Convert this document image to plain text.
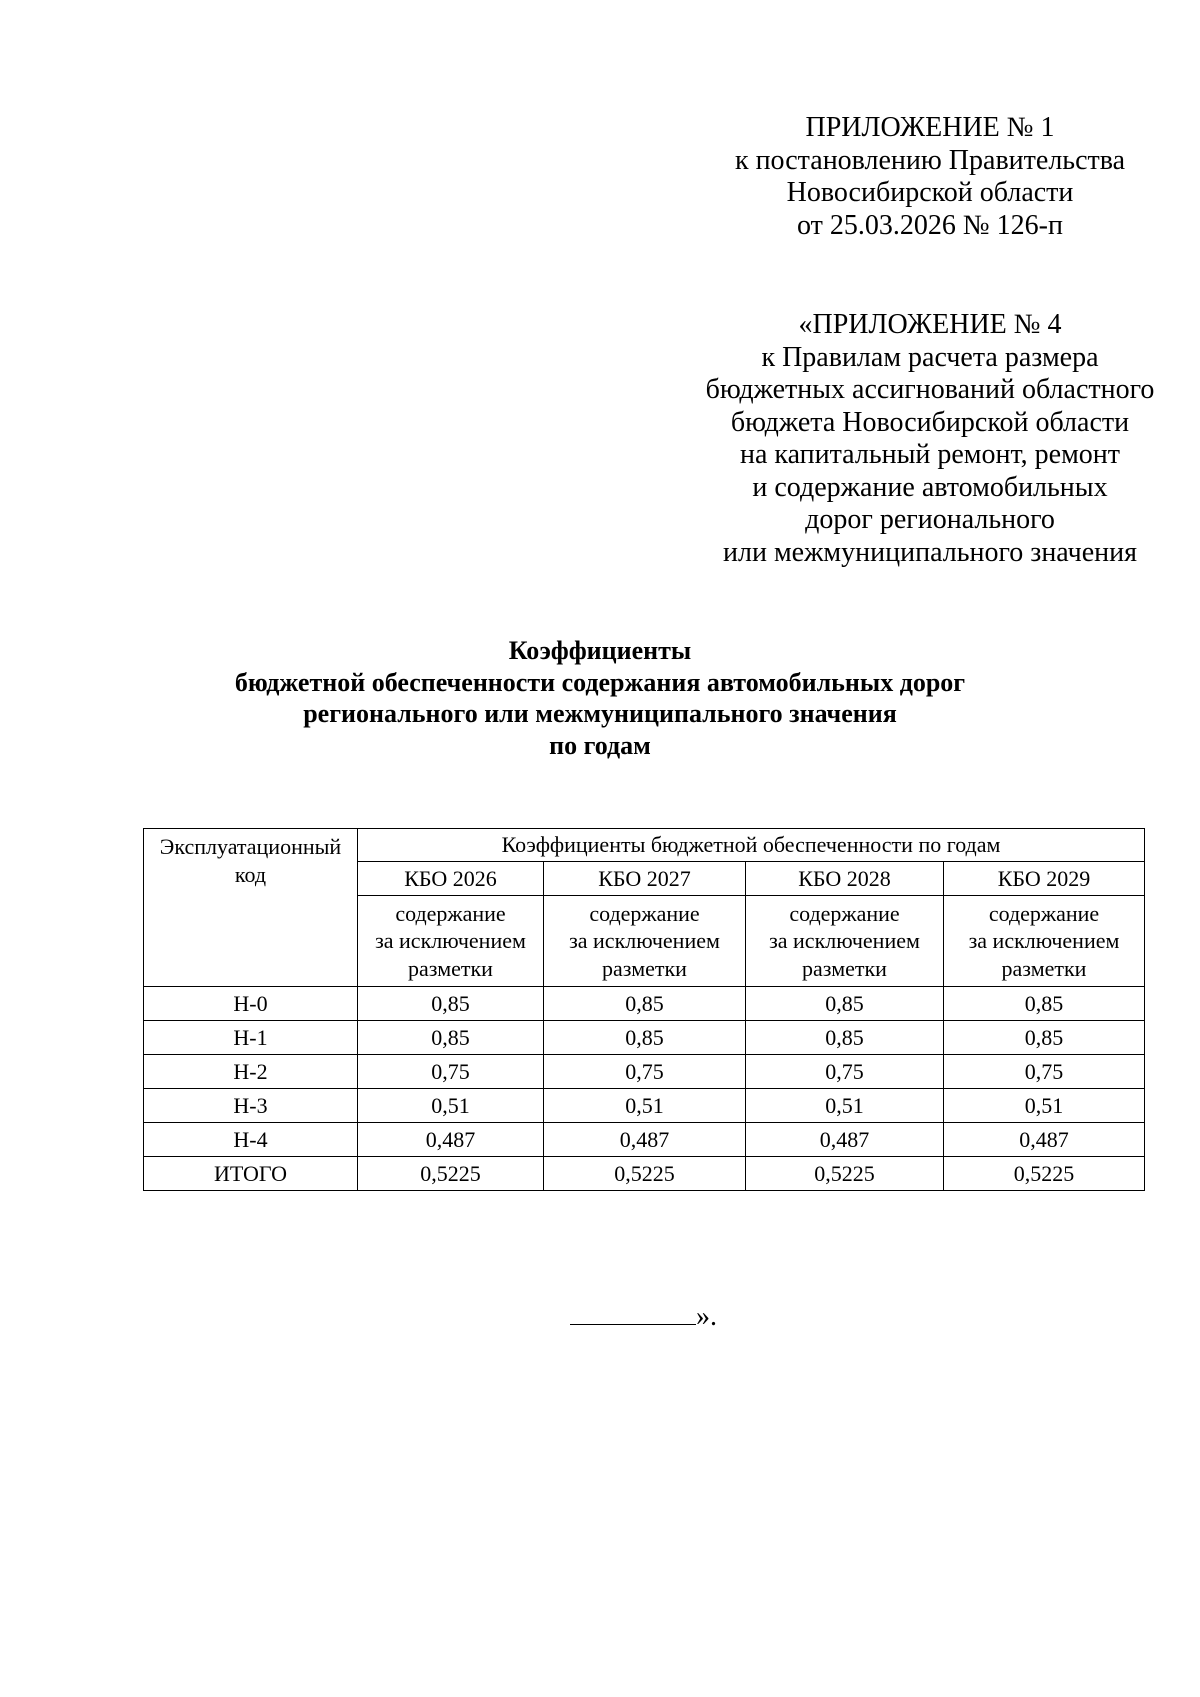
ПРИЛОЖЕНИЕ № 1
к постановлению Правительства
Новосибирской области
от 25.03.2026 № 126-п
«ПРИЛОЖЕНИЕ № 4
к Правилам расчета размера
бюджетных ассигнований областного
бюджета Новосибирской области
на капитальный ремонт, ремонт
и содержание автомобильных
дорог регионального
или межмуниципального значения
Коэффициенты
бюджетной обеспеченности содержания автомобильных дорог
регионального или межмуниципального значения
по годам
Эксплуатационный
код	Коэффициенты бюджетной обеспеченности по годам			
	КБО 2026	КБО 2027	КБО 2028	КБО 2029

	содержание
за исключением
разметки	содержание
за исключением
разметки	содержание
за исключением
разметки	содержание
за исключением
разметки

Н-0	0,85	0,85	0,85	0,85
Н-1	0,85	0,85	0,85	0,85
Н-2	0,75	0,75	0,75	0,75
Н-3	0,51	0,51	0,51	0,51
Н-4	0,487	0,487	0,487	0,487
ИТОГО	0,5225	0,5225	0,5225	0,5225
».
